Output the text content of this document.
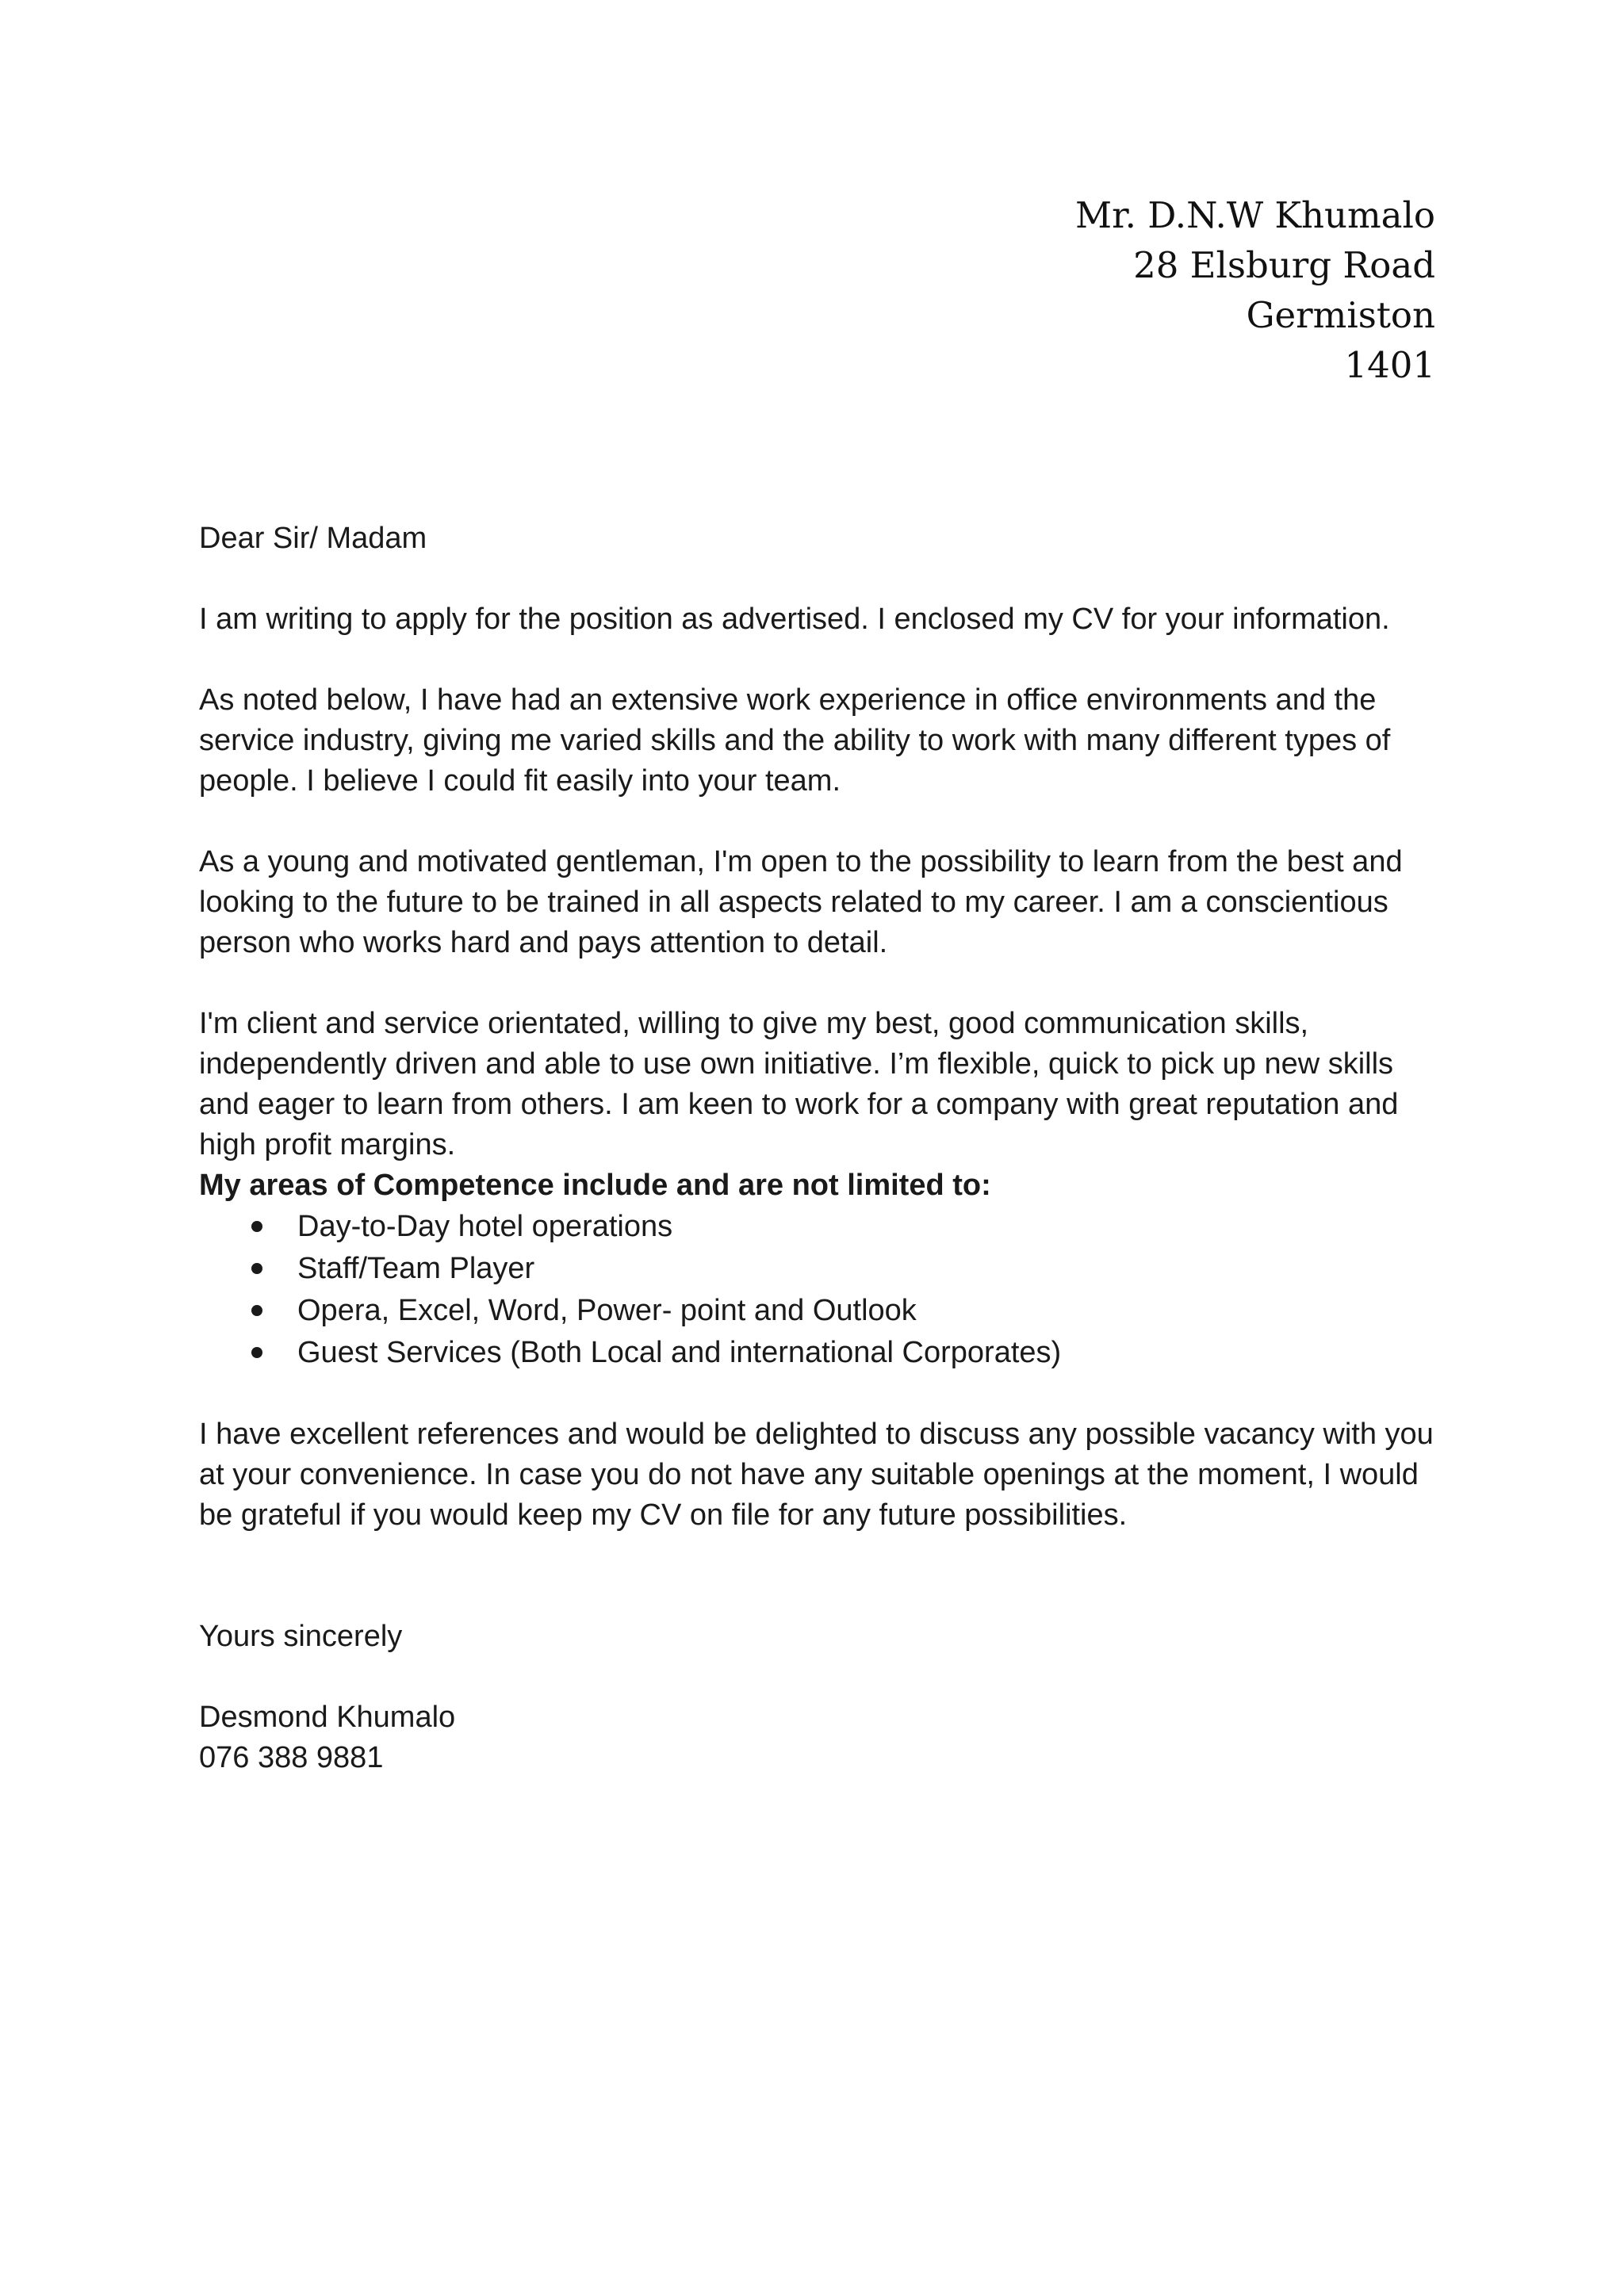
Mr. D.N.W Khumalo
28 Elsburg Road
Germiston
1401

Dear Sir/ Madam

I am writing to apply for the position as advertised. I enclosed my CV for your information.

As noted below, I have had an extensive work experience in office environments and the service industry, giving me varied skills and the ability to work with many different types of people. I believe I could fit easily into your team.

As a young and motivated gentleman, I'm open to the possibility to learn from the best and looking to the future to be trained in all aspects related to my career. I am a conscientious person who works hard and pays attention to detail.

I'm client and service orientated, willing to give my best, good communication skills, independently driven and able to use own initiative. I’m flexible, quick to pick up new skills and eager to learn from others. I am keen to work for a company with great reputation and high profit margins.

My areas of Competence include and are not limited to:

Day-to-Day hotel operations
Staff/Team Player
Opera, Excel, Word, Power- point and Outlook
Guest Services (Both Local and international Corporates)

I have excellent references and would be delighted to discuss any possible vacancy with you at your convenience. In case you do not have any suitable openings at the moment, I would be grateful if you would keep my CV on file for any future possibilities.

Yours sincerely

Desmond Khumalo

076 388 9881
